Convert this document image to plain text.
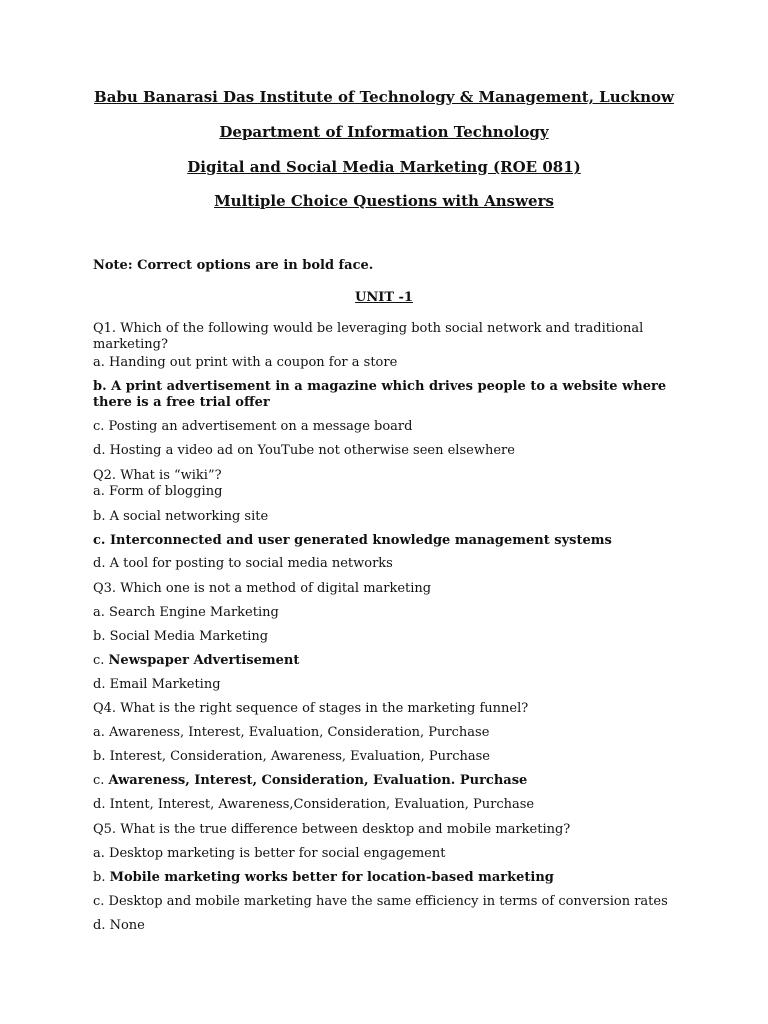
Babu Banarasi Das Institute of Technology & Management, Lucknow
Department of Information Technology
Digital and Social Media Marketing (ROE 081)
Multiple Choice Questions with Answers
Note: Correct options are in bold face.
UNIT -1
Q1. Which of the following would be leveraging both social network and traditional marketing?
a. Handing out print with a coupon for a store
b. A print advertisement in a magazine which drives people to a website where there is a free trial offer
c. Posting an advertisement on a message board
d. Hosting a video ad on YouTube not otherwise seen elsewhere
Q2. What is “wiki”?
a. Form of blogging
b. A social networking site
c. Interconnected and user generated knowledge management systems
d. A tool for posting to social media networks
Q3. Which one is not a method of digital marketing
a. Search Engine Marketing
b. Social Media Marketing
c. Newspaper Advertisement
d. Email Marketing
Q4. What is the right sequence of stages in the marketing funnel?
a. Awareness, Interest, Evaluation, Consideration, Purchase
b. Interest, Consideration, Awareness, Evaluation, Purchase
c. Awareness, Interest, Consideration, Evaluation. Purchase
d. Intent, Interest, Awareness,Consideration, Evaluation, Purchase
Q5. What is the true difference between desktop and mobile marketing?
a. Desktop marketing is better for social engagement
b. Mobile marketing works better for location-based marketing
c. Desktop and mobile marketing have the same efficiency in terms of conversion rates
d. None
